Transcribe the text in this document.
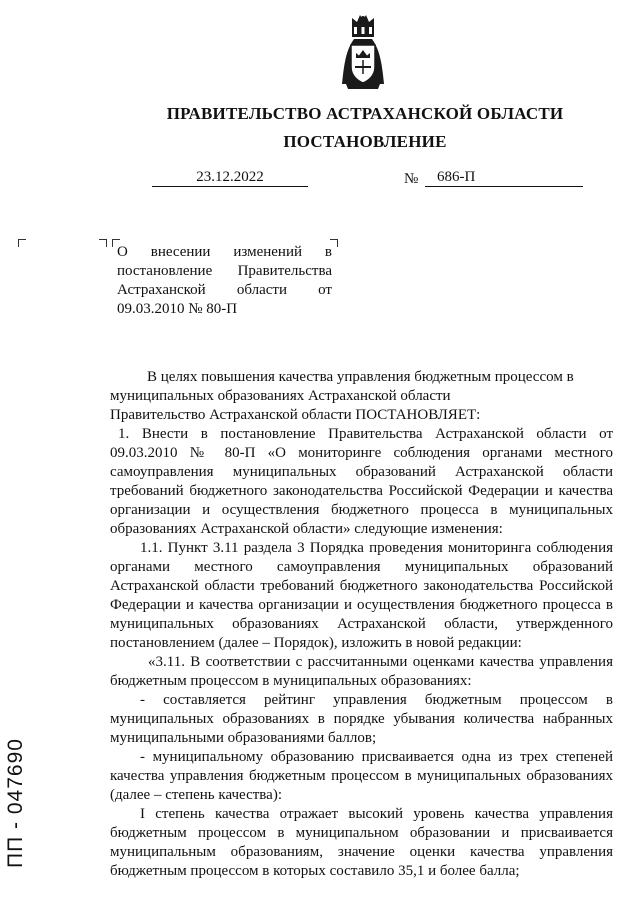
ПРАВИТЕЛЬСТВО АСТРАХАНСКОЙ ОБЛАСТИ
ПОСТАНОВЛЕНИЕ
23.12.2022	№	686-П
О внесении изменений в постановление Правительства Астраханской области от 09.03.2010 № 80-П

В целях повышения качества управления бюджетным процессом в муниципальных образованиях Астраханской области

Правительство Астраханской области ПОСТАНОВЛЯЕТ:

1. Внести в постановление Правительства Астраханской области от 09.03.2010 № 80-П «О мониторинге соблюдения органами местного самоуправления муниципальных образований Астраханской области требований бюджетного законодательства Российской Федерации и качества организации и осуществления бюджетного процесса в муниципальных образованиях Астраханской области» следующие изменения:

1.1. Пункт 3.11 раздела 3 Порядка проведения мониторинга соблюдения органами местного самоуправления муниципальных образований Астраханской области требований бюджетного законодательства Российской Федерации и качества организации и осуществления бюджетного процесса в муниципальных образованиях Астраханской области, утвержденного постановлением (далее – Порядок), изложить в новой редакции:

«3.11. В соответствии с рассчитанными оценками качества управления бюджетным процессом в муниципальных образованиях:

- составляется рейтинг управления бюджетным процессом в муниципальных образованиях в порядке убывания количества набранных муниципальными образованиями баллов;

- муниципальному образованию присваивается одна из трех степеней качества управления бюджетным процессом в муниципальных образованиях (далее – степень качества):

I степень качества отражает высокий уровень качества управления бюджетным процессом в муниципальном образовании и присваивается муниципальным образованиям, значение оценки качества управления бюджетным процессом в которых составило 35,1 и более балла;

ПП - 047690
